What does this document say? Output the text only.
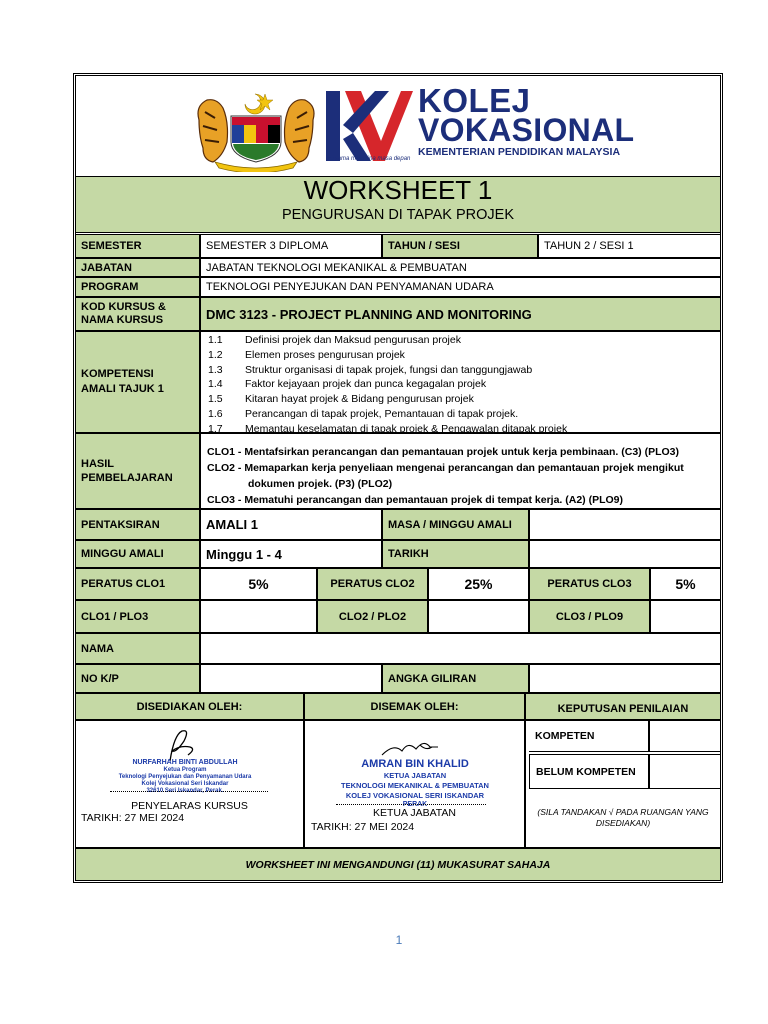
KOLEJ
VOKASIONAL
KEMENTERIAN PENDIDIKAN MALAYSIA
bersama membina masa depan
WORKSHEET 1
PENGURUSAN DI TAPAK PROJEK
SEMESTER	SEMESTER 3 DIPLOMA	TAHUN / SESI	TAHUN 2 / SESI 1
JABATAN	JABATAN TEKNOLOGI MEKANIKAL & PEMBUATAN
PROGRAM	TEKNOLOGI PENYEJUKAN DAN PENYAMANAN UDARA
KOD KURSUS &
NAMA KURSUS	DMC 3123 - PROJECT PLANNING AND MONITORING
KOMPETENSI
AMALI TAJUK 1
1.1	Definisi projek dan Maksud pengurusan projek
1.2	Elemen proses pengurusan projek
1.3	Struktur organisasi di tapak projek, fungsi dan tanggungjawab
1.4	Faktor kejayaan projek dan punca kegagalan projek
1.5	Kitaran hayat projek & Bidang pengurusan projek
1.6	Perancangan di tapak projek, Pemantauan di tapak projek.
1.7	Memantau keselamatan di tapak projek & Pengawalan ditapak projek
HASIL
PEMBELAJARAN
CLO1 - Mentafsirkan perancangan dan pemantauan projek untuk kerja pembinaan. (C3) (PLO3)
CLO2 - Memaparkan kerja penyeliaan mengenai perancangan dan pemantauan projek mengikut
dokumen projek. (P3) (PLO2)
CLO3 - Mematuhi perancangan dan pemantauan projek di tempat kerja. (A2) (PLO9)
PENTAKSIRAN	AMALI 1	MASA / MINGGU AMALI
MINGGU AMALI	Minggu 1 - 4	TARIKH
PERATUS CLO1	5%	PERATUS CLO2	25%	PERATUS CLO3	5%
CLO1 / PLO3	CLO2 / PLO2	CLO3 / PLO9
NAMA
NO K/P	ANGKA GILIRAN
DISEDIAKAN OLEH:	DISEMAK OLEH:	KEPUTUSAN PENILAIAN
NURFARHAH BINTI ABDULLAH
Ketua Program
Teknologi Penyejukan dan Penyamanan Udara
Kolej Vokasional Seri Iskandar
32610 Seri Iskandar, Perak.
PENYELARAS KURSUS
TARIKH: 27 MEI 2024
AMRAN BIN KHALID
KETUA JABATAN
TEKNOLOGI MEKANIKAL & PEMBUATAN
KOLEJ VOKASIONAL SERI ISKANDAR
PERAK
KETUA JABATAN
TARIKH: 27 MEI 2024
KOMPETEN
BELUM KOMPETEN
(SILA TANDAKAN √ PADA RUANGAN YANG DISEDIAKAN)
WORKSHEET INI MENGANDUNGI (11) MUKASURAT SAHAJA
1
